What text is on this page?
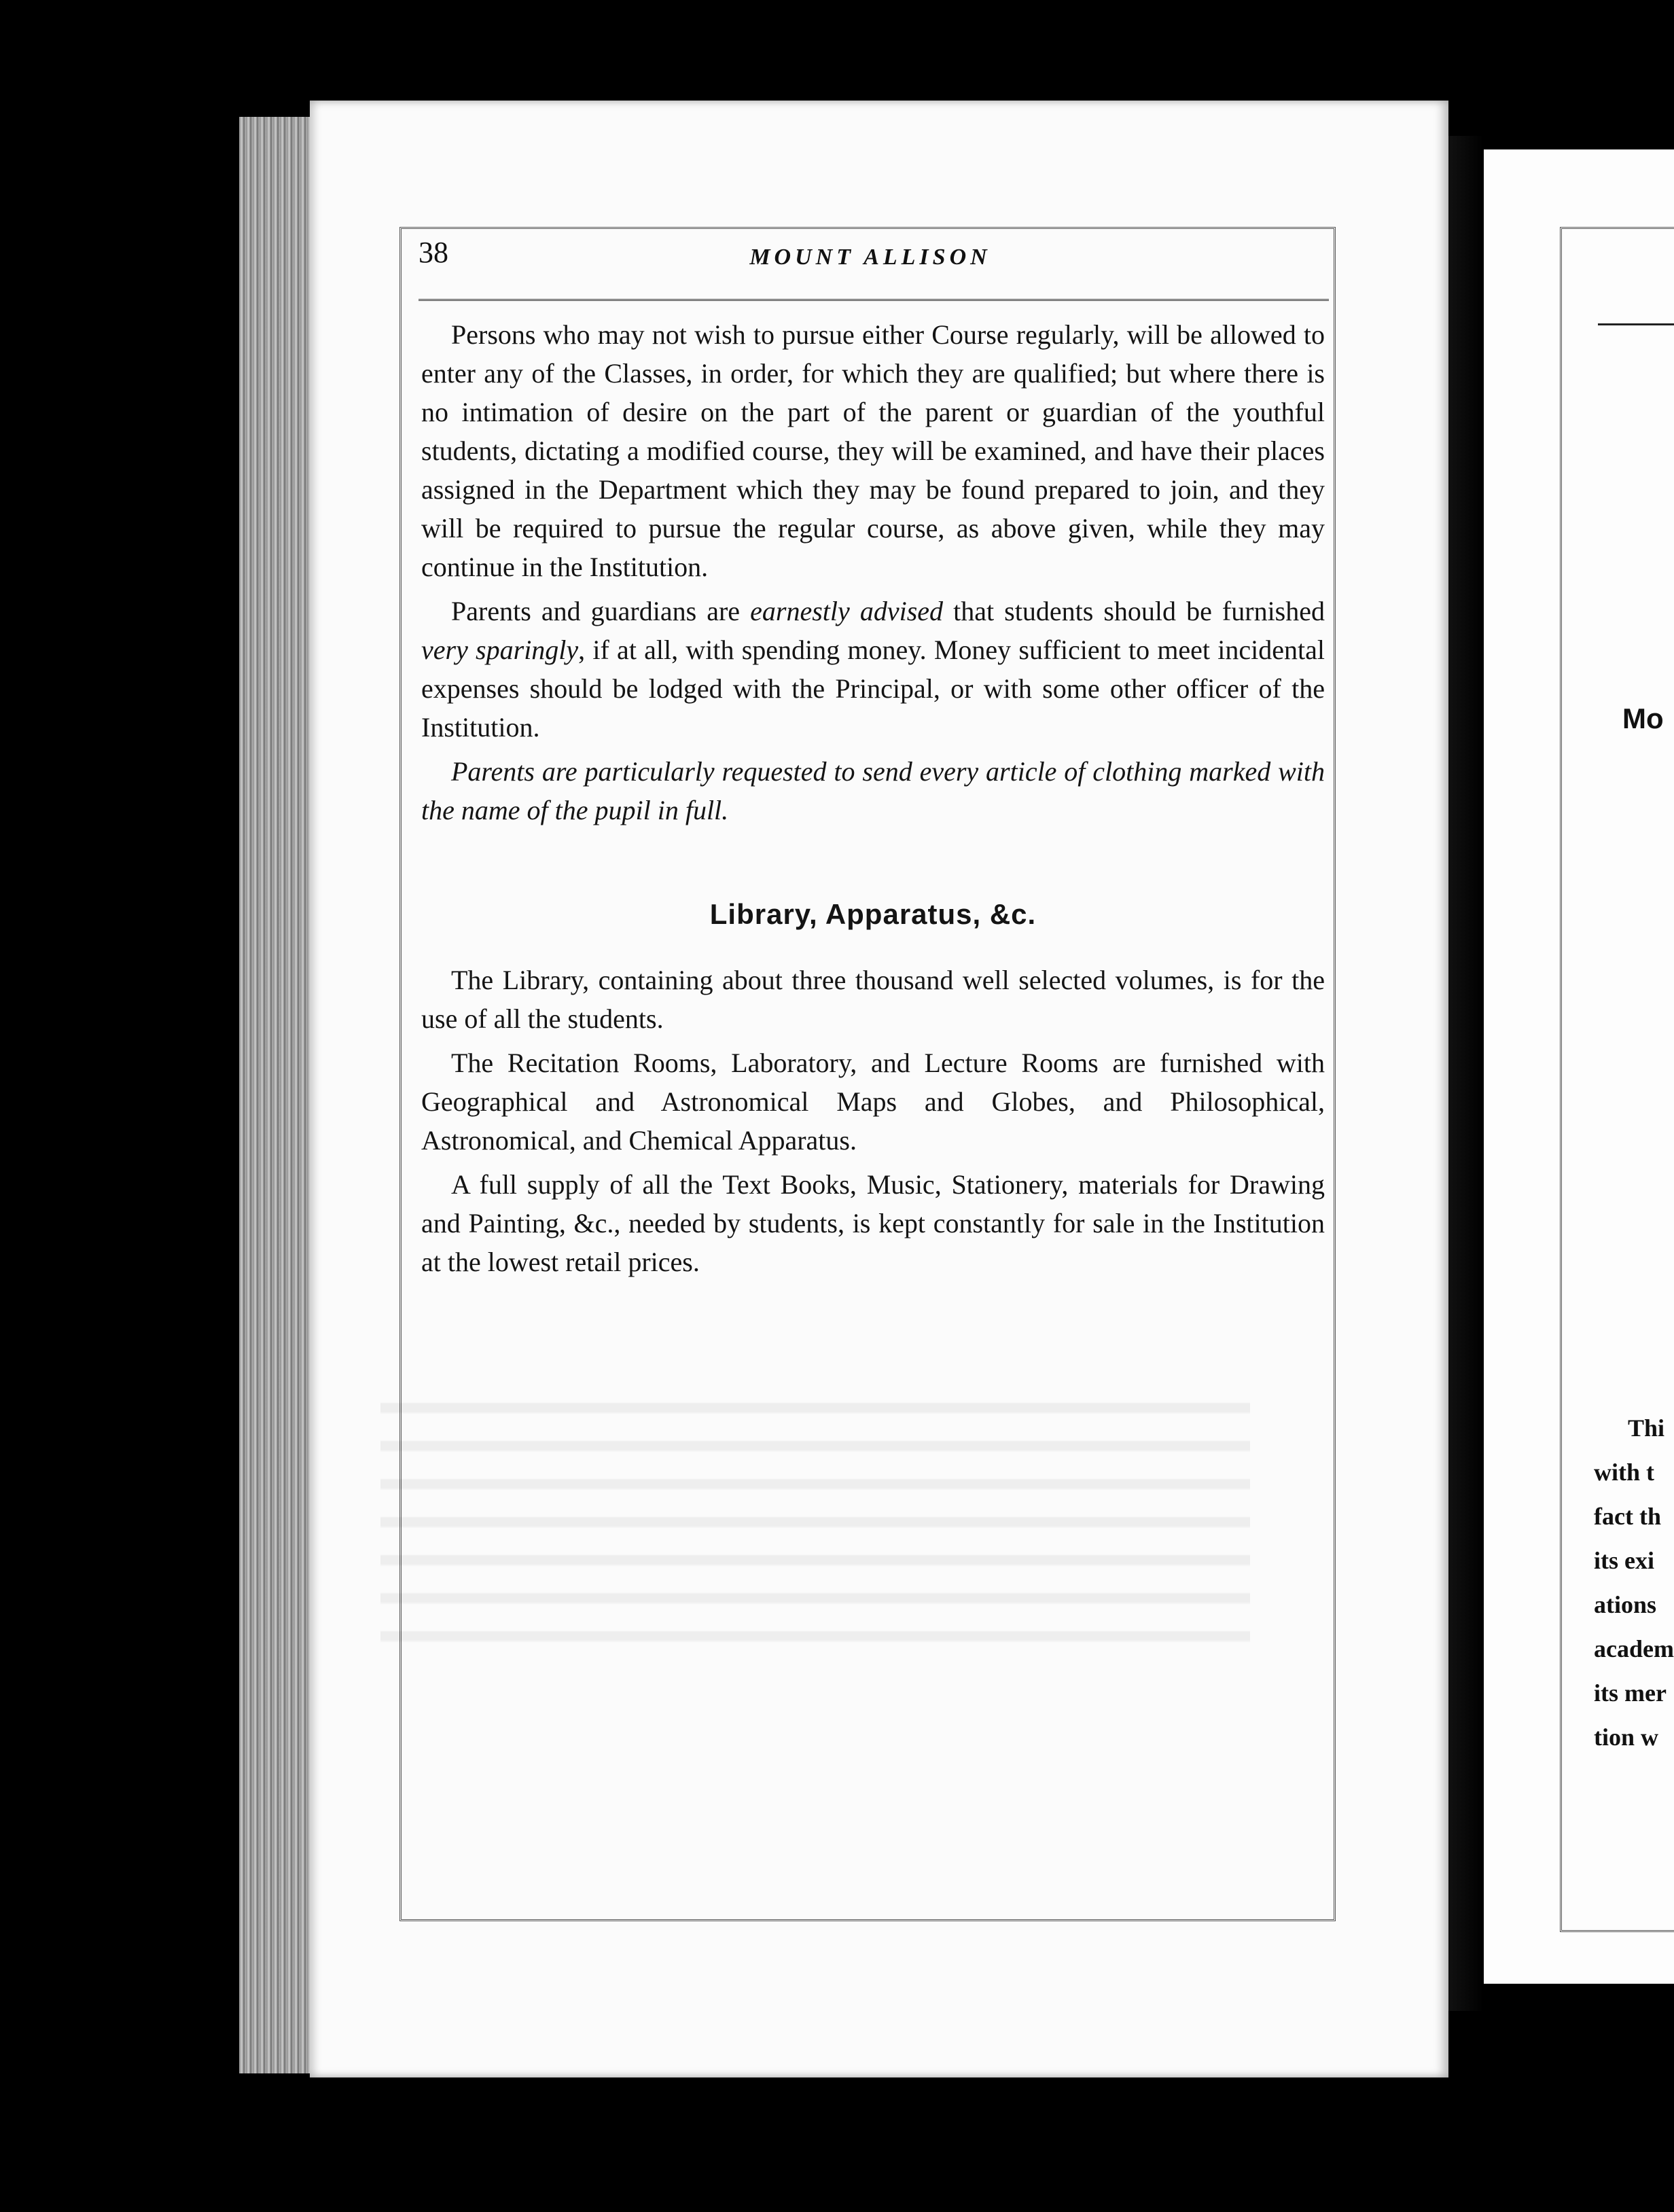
Mo
Thi
with t
fact th
its exi
ations
academ
its mer
tion w
38	MOUNT ALLISON

Persons who may not wish to pursue either Course regularly, will be allowed to enter any of the Classes, in order, for which they are qualified; but where there is no intimation of desire on the part of the parent or guardian of the youthful students, dictating a modified course, they will be examined, and have their places assigned in the Department which they may be found prepared to join, and they will be required to pursue the regular course, as above given, while they may continue in the Institution.

Parents and guardians are earnestly advised that students should be furnished very sparingly, if at all, with spending money. Money sufficient to meet incidental expenses should be lodged with the Principal, or with some other officer of the Institution.

Parents are particularly requested to send every article of clothing marked with the name of the pupil in full.

Library, Apparatus, &c.

The Library, containing about three thousand well selected volumes, is for the use of all the students.

The Recitation Rooms, Laboratory, and Lecture Rooms are furnished with Geographical and Astronomical Maps and Globes, and Philosophical, Astronomical, and Chemical Apparatus.

A full supply of all the Text Books, Music, Stationery, materials for Drawing and Painting, &c., needed by students, is kept constantly for sale in the Institution at the lowest retail prices.
